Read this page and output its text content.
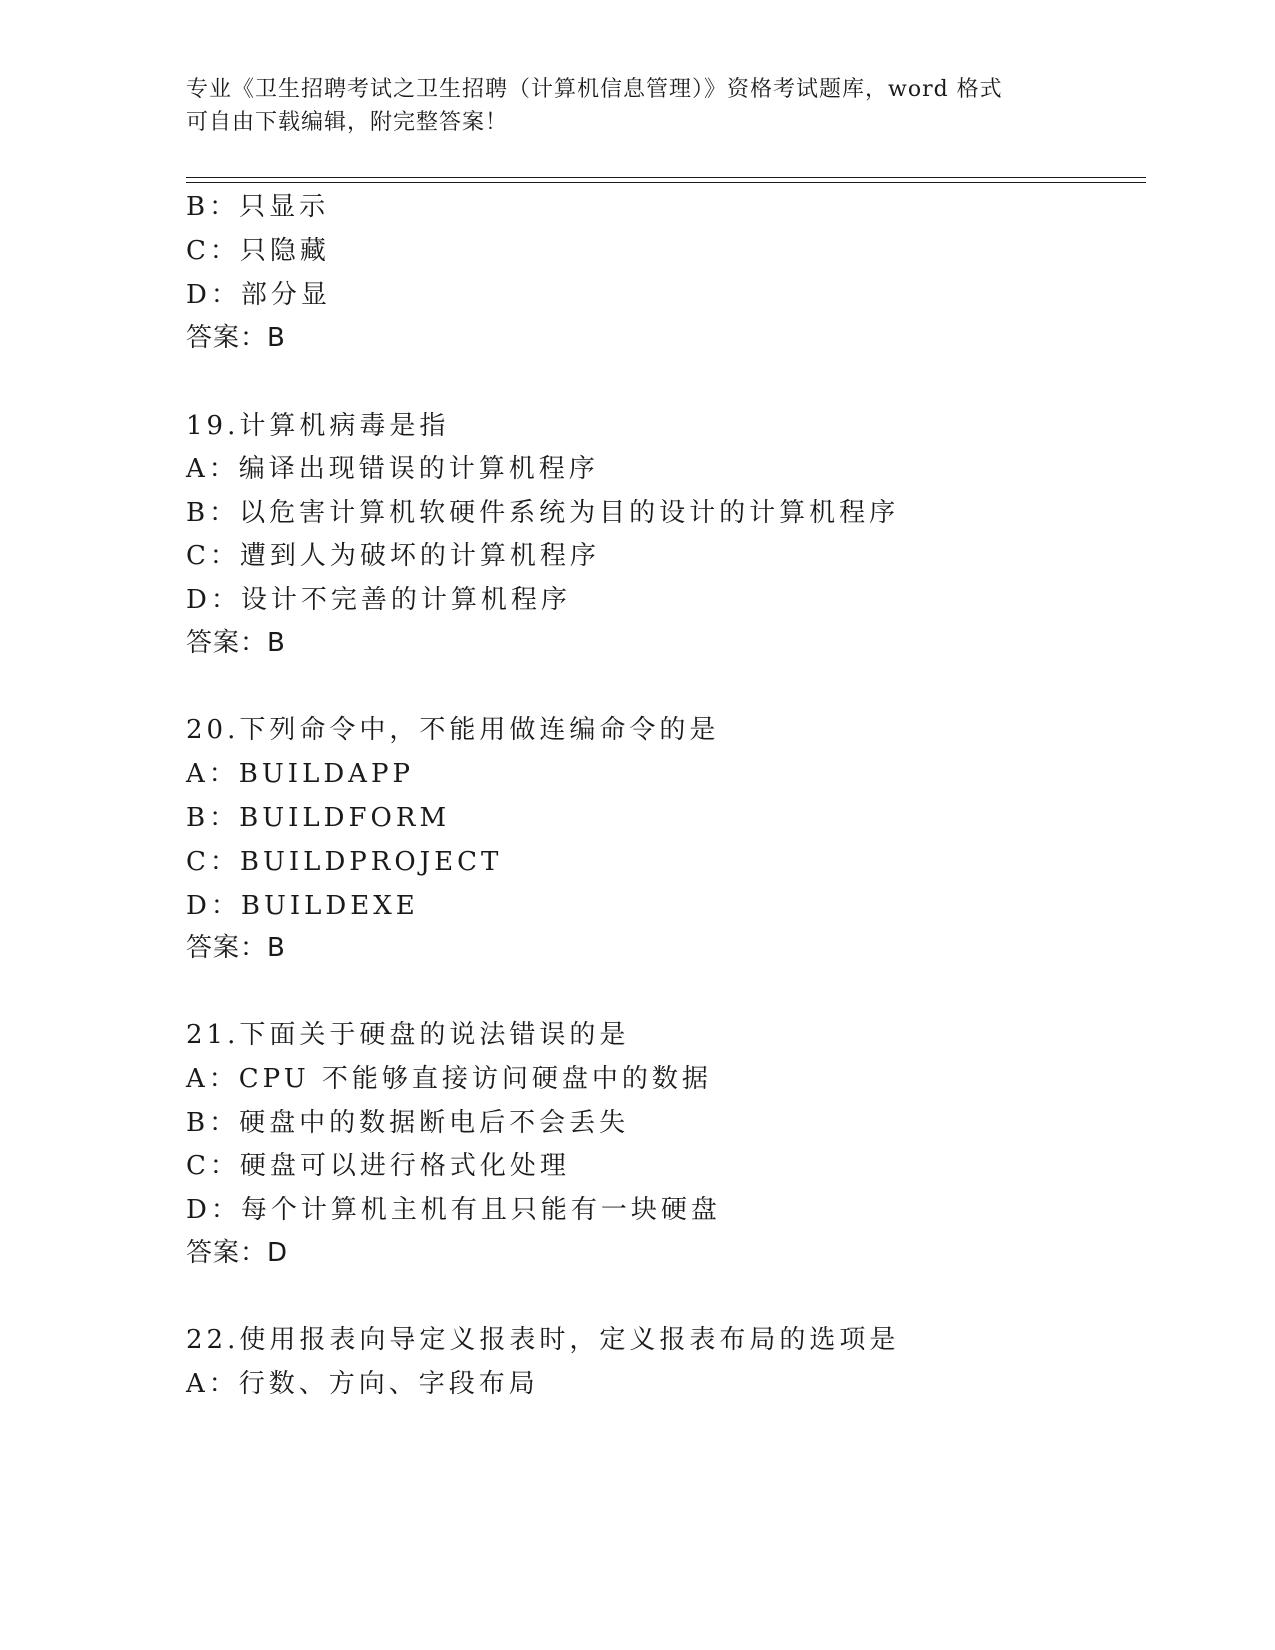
专业《卫生招聘考试之卫生招聘（计算机信息管理）》资格考试题库，word 格式
可自由下载编辑，附完整答案！
B：只显示
C：只隐藏
D：部分显
答案：B
19.计算机病毒是指
A：编译出现错误的计算机程序
B：以危害计算机软硬件系统为目的设计的计算机程序
C：遭到人为破坏的计算机程序
D：设计不完善的计算机程序
答案：B
20.下列命令中，不能用做连编命令的是
A：BUILDAPP
B：BUILDFORM
C：BUILDPROJECT
D：BUILDEXE
答案：B
21.下面关于硬盘的说法错误的是
A：CPU 不能够直接访问硬盘中的数据
B：硬盘中的数据断电后不会丢失
C：硬盘可以进行格式化处理
D：每个计算机主机有且只能有一块硬盘
答案：D
22.使用报表向导定义报表时，定义报表布局的选项是
A：行数、方向、字段布局
